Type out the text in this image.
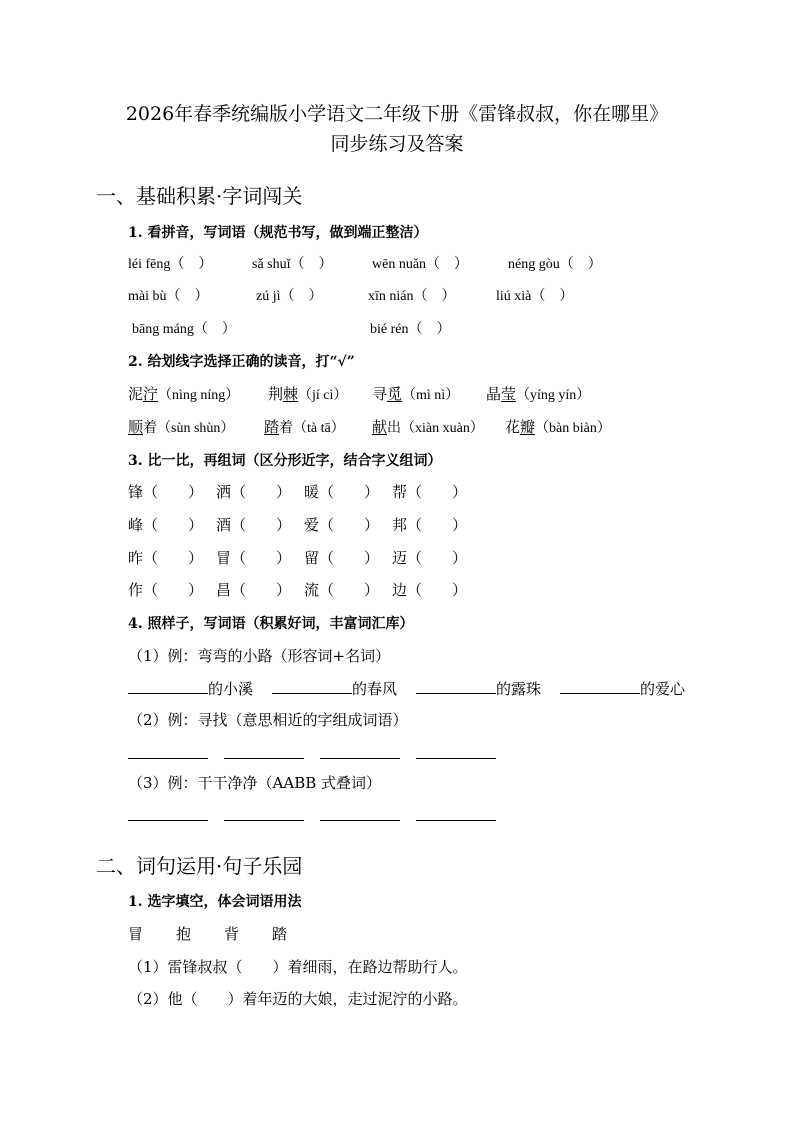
2026年春季统编版小学语文二年级下册《雷锋叔叔，你在哪里》
同步练习及答案
一、基础积累·字词闯关
1. 看拼音，写词语（规范书写，做到端正整洁）
léi fēng（　）	sǎ shuǐ（　）	wēn nuǎn（　）	néng gòu（　）
mài bù（　）	zú jì（　）	xīn nián（　）	liú xià（　）
bāng máng（　）	bié rén（　）
2. 给划线字选择正确的读音，打“√”
泥泞（nìng níng） 荆棘（jí cì） 寻觅（mì nì） 晶莹（yíng yín）
顺着（sùn shùn） 踏着（tà tā） 献出（xiàn xuàn） 花瓣（bàn biàn）
3. 比一比，再组词（区分形近字，结合字义组词）
锋（　　） 洒（　　） 暖（　　） 帮（　　）
峰（　　） 酒（　　） 爱（　　） 邦（　　）
昨（　　） 冒（　　） 留（　　） 迈（　　）
作（　　） 昌（　　） 流（　　） 边（　　）
4. 照样子，写词语（积累好词，丰富词汇库）
（1）例：弯弯的小路（形容词+名词）
的小溪	的春风	的露珠	的爱心
（2）例：寻找（意思相近的字组成词语）
（3）例：干干净净（AABB 式叠词）
二、词句运用·句子乐园
1. 选字填空，体会词语用法
冒 抱 背 踏
（1）雷锋叔叔（　　）着细雨，在路边帮助行人。
（2）他（　　）着年迈的大娘，走过泥泞的小路。
